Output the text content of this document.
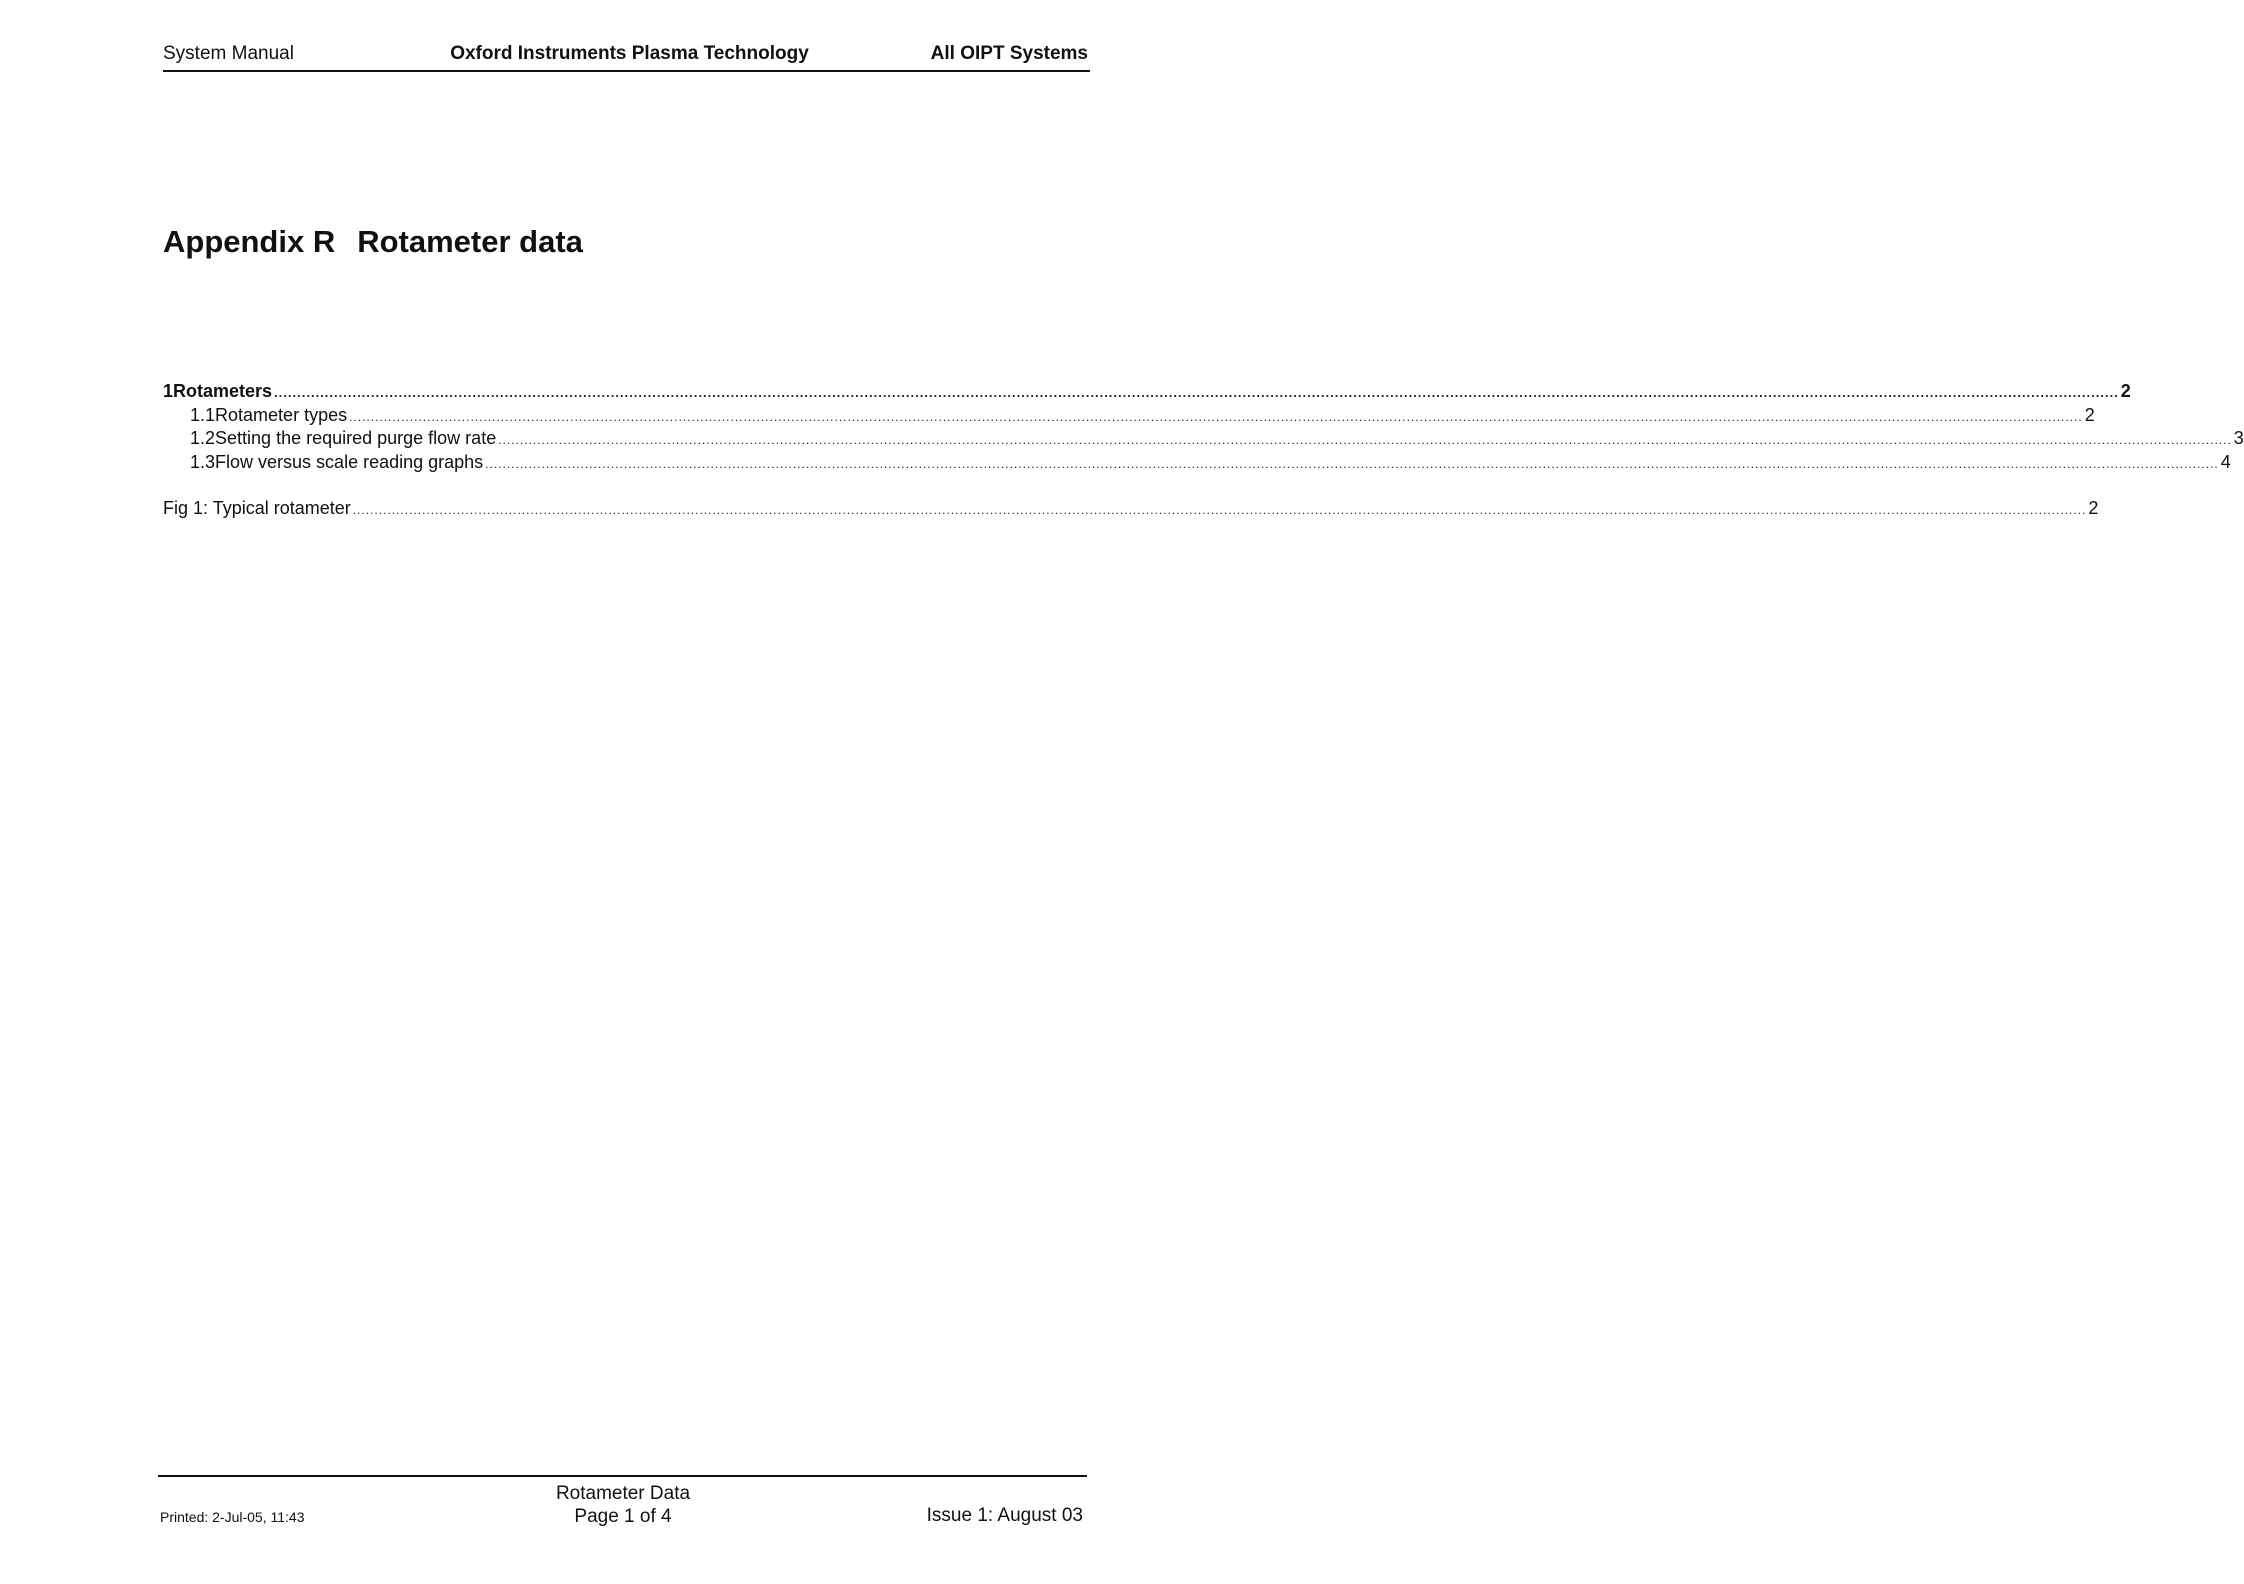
System Manual	Oxford Instruments Plasma Technology	All OIPT Systems
Appendix R Rotameter data
1 Rotameters ................................................................................................................................................................................................................................................................................................................................................................................................................ 2
1.1 Rotameter types ................................................................................................................................................................................................................................................................................................................................................................................................................ 2
1.2 Setting the required purge flow rate ................................................................................................................................................................................................................................................................................................................................................................................................................ 3
1.3 Flow versus scale reading graphs ................................................................................................................................................................................................................................................................................................................................................................................................................ 4
Fig 1: Typical rotameter ................................................................................................................................................................................................................................................................................................................................................................................................................ 2
Printed: 2-Jul-05, 11:43
Rotameter Data
Page 1 of 4	Issue 1: August 03
